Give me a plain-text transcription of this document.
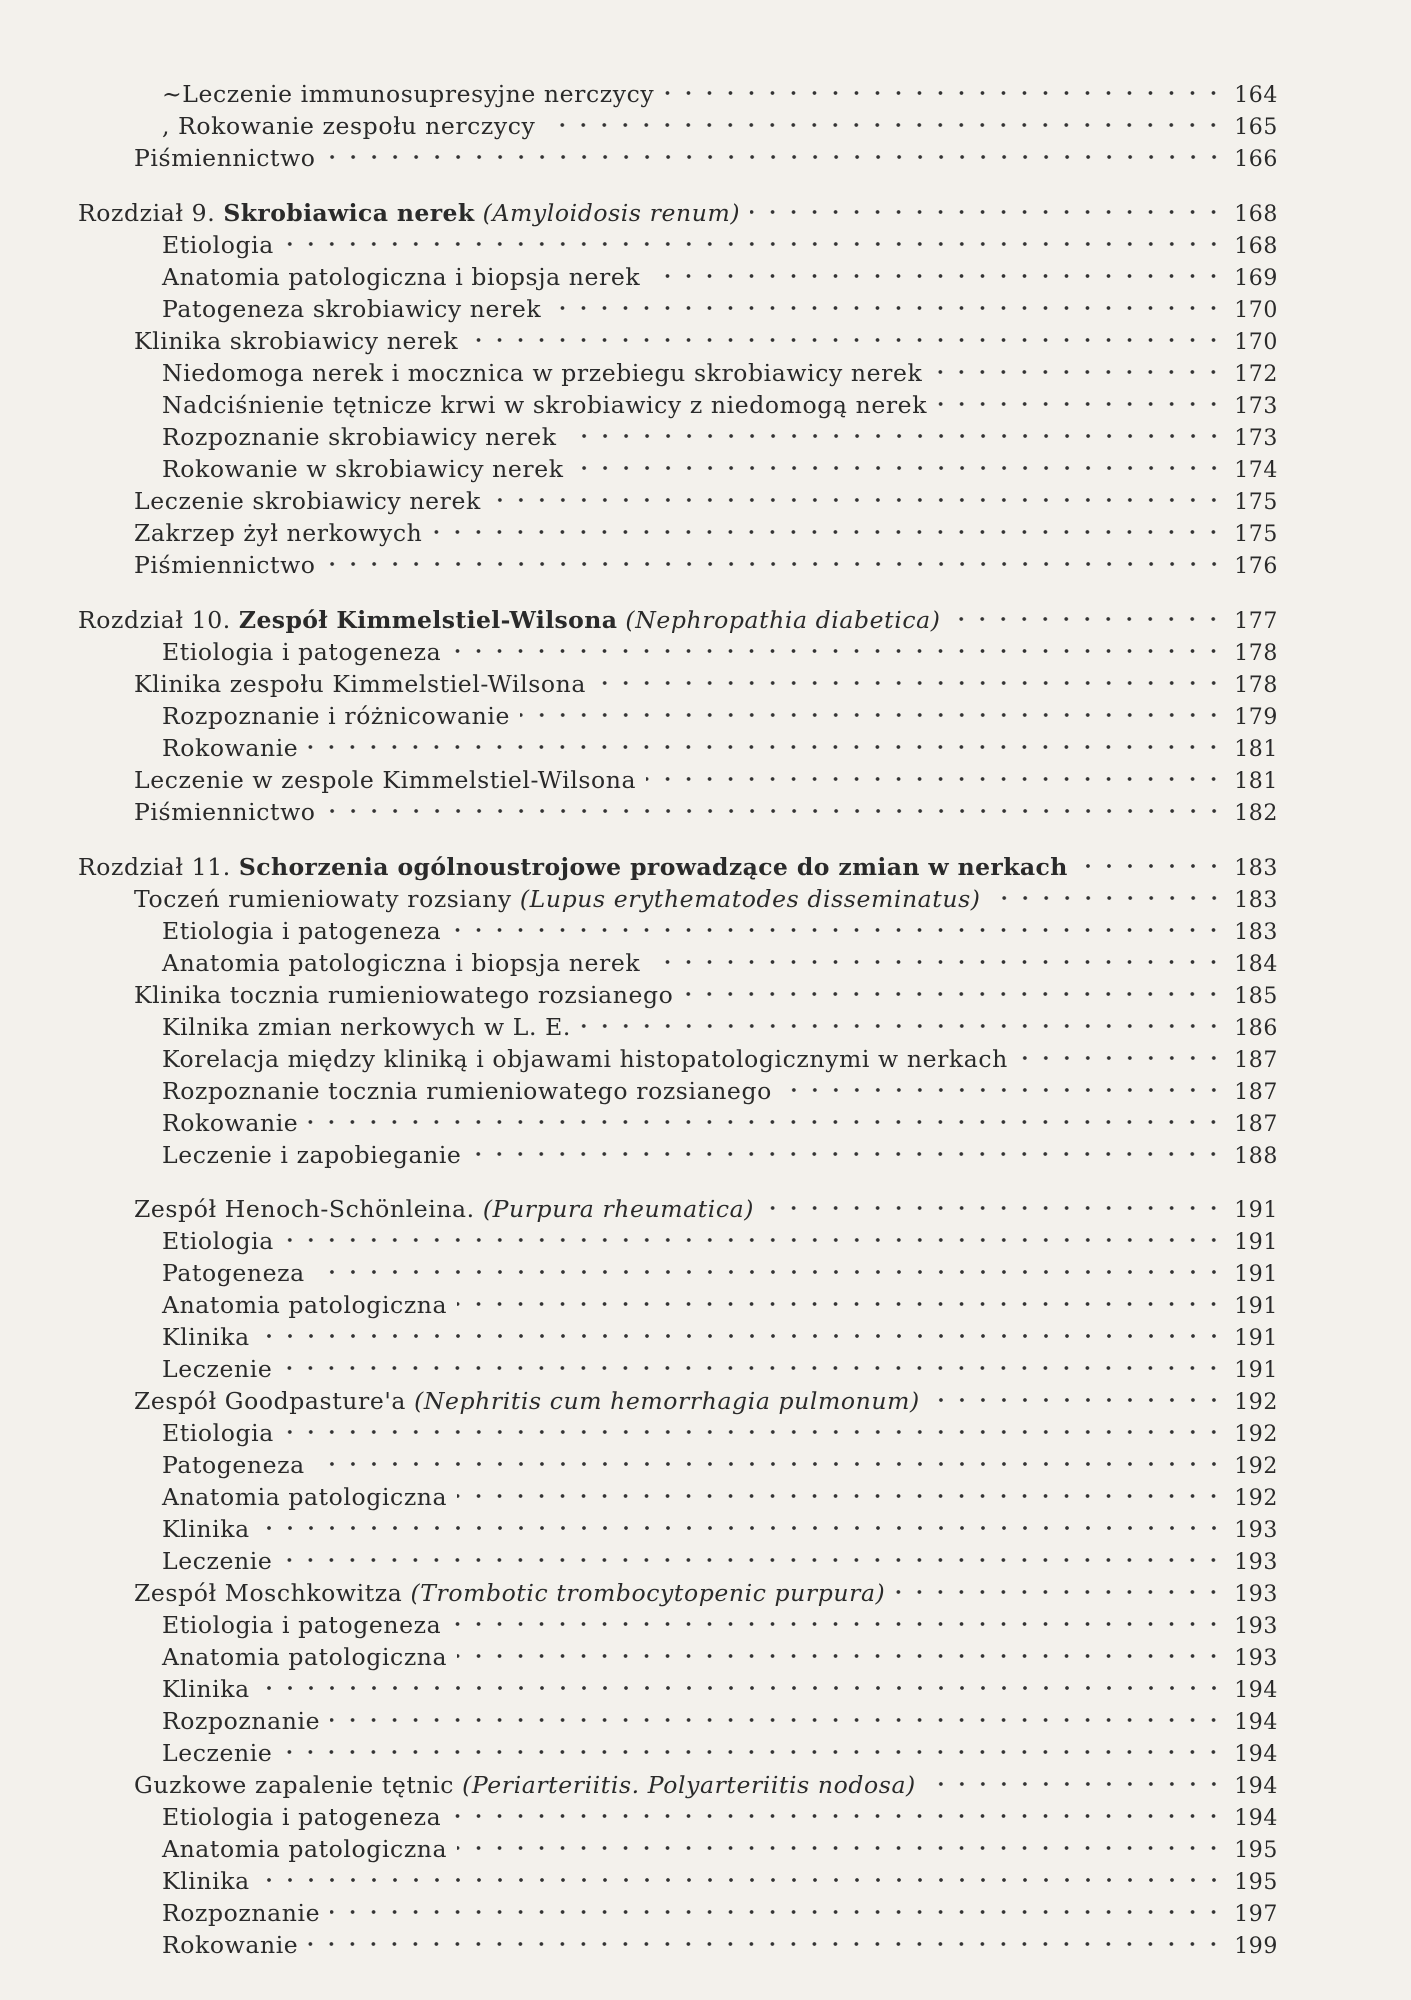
~Leczenie immunosupresyjne nerczycy	164
, Rokowanie zespołu nerczycy	165
Piśmiennictwo	166
Rozdział 9. Skrobiawica nerek (Amyloidosis renum)	168
Etiologia	168
Anatomia patologiczna i biopsja nerek	169
Patogeneza skrobiawicy nerek	170
Klinika skrobiawicy nerek	170
Niedomoga nerek i mocznica w przebiegu skrobiawicy nerek	172
Nadciśnienie tętnicze krwi w skrobiawicy z niedomogą nerek	173
Rozpoznanie skrobiawicy nerek	173
Rokowanie w skrobiawicy nerek	174
Leczenie skrobiawicy nerek	175
Zakrzep żył nerkowych	175
Piśmiennictwo	176
Rozdział 10. Zespół Kimmelstiel-Wilsona (Nephropathia diabetica)	177
Etiologia i patogeneza	178
Klinika zespołu Kimmelstiel-Wilsona	178
Rozpoznanie i różnicowanie	179
Rokowanie	181
Leczenie w zespole Kimmelstiel-Wilsona	181
Piśmiennictwo	182
Rozdział 11. Schorzenia ogólnoustrojowe prowadzące do zmian w nerkach	183
Toczeń rumieniowaty rozsiany (Lupus erythematodes disseminatus)	183
Etiologia i patogeneza	183
Anatomia patologiczna i biopsja nerek	184
Klinika tocznia rumieniowatego rozsianego	185
Kilnika zmian nerkowych w L. E.	186
Korelacja między kliniką i objawami histopatologicznymi w nerkach	187
Rozpoznanie tocznia rumieniowatego rozsianego	187
Rokowanie	187
Leczenie i zapobieganie	188
Zespół Henoch-Schönleina. (Purpura rheumatica)	191
Etiologia	191
Patogeneza	191
Anatomia patologiczna	191
Klinika	191
Leczenie	191
Zespół Goodpasture'a (Nephritis cum hemorrhagia pulmonum)	192
Etiologia	192
Patogeneza	192
Anatomia patologiczna	192
Klinika	193
Leczenie	193
Zespół Moschkowitza (Trombotic trombocytopenic purpura)	193
Etiologia i patogeneza	193
Anatomia patologiczna	193
Klinika	194
Rozpoznanie	194
Leczenie	194
Guzkowe zapalenie tętnic (Periarteriitis. Polyarteriitis nodosa)	194
Etiologia i patogeneza	194
Anatomia patologiczna	195
Klinika	195
Rozpoznanie	197
Rokowanie	199
